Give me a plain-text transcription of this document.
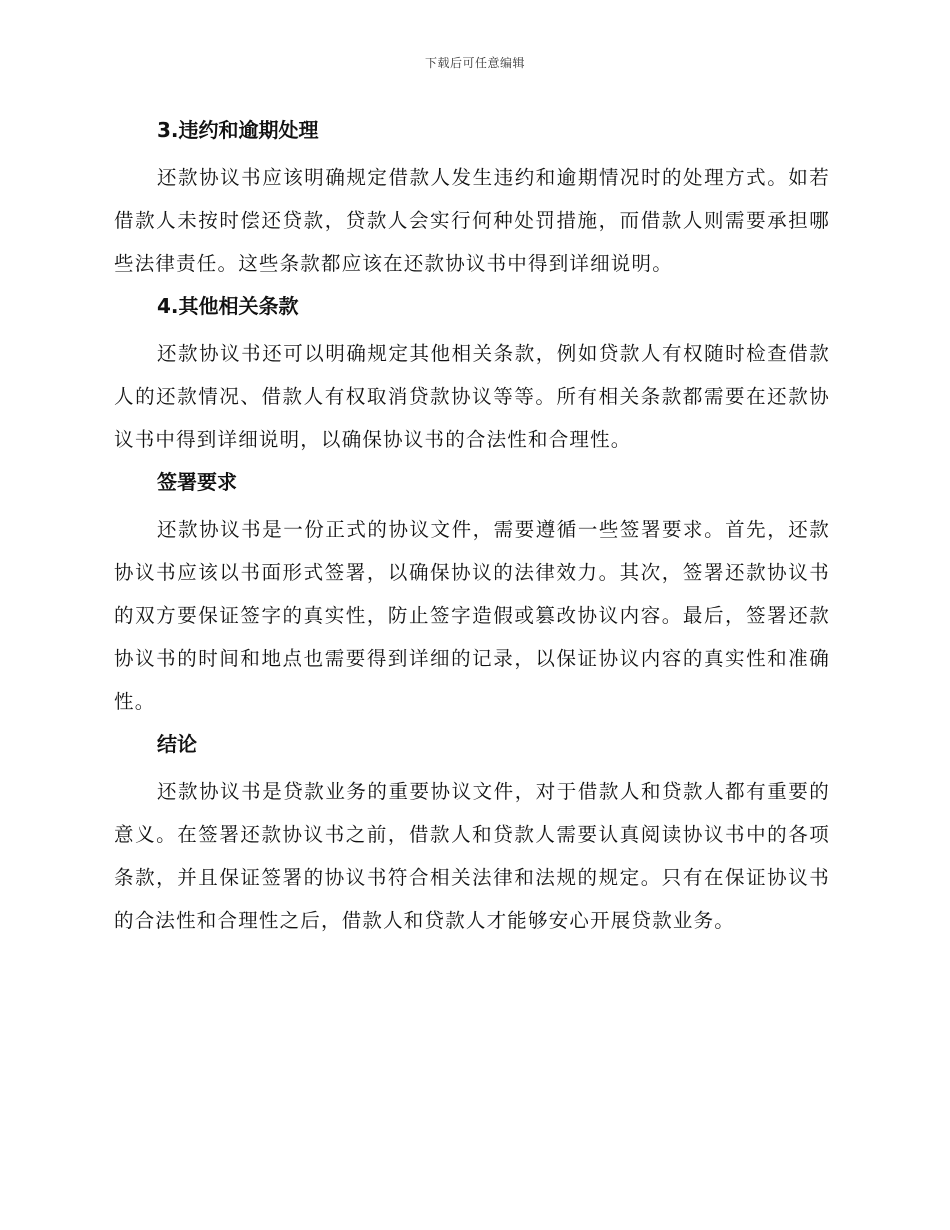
下载后可任意编辑
3.违约和逾期处理

还款协议书应该明确规定借款人发生违约和逾期情况时的处理方式。如若借款人未按时偿还贷款，贷款人会实行何种处罚措施，而借款人则需要承担哪些法律责任。这些条款都应该在还款协议书中得到详细说明。

4.其他相关条款

还款协议书还可以明确规定其他相关条款，例如贷款人有权随时检查借款人的还款情况、借款人有权取消贷款协议等等。所有相关条款都需要在还款协议书中得到详细说明，以确保协议书的合法性和合理性。

签署要求

还款协议书是一份正式的协议文件，需要遵循一些签署要求。首先，还款协议书应该以书面形式签署，以确保协议的法律效力。其次，签署还款协议书的双方要保证签字的真实性，防止签字造假或篡改协议内容。最后，签署还款协议书的时间和地点也需要得到详细的记录，以保证协议内容的真实性和准确性。

结论

还款协议书是贷款业务的重要协议文件，对于借款人和贷款人都有重要的意义。在签署还款协议书之前，借款人和贷款人需要认真阅读协议书中的各项条款，并且保证签署的协议书符合相关法律和法规的规定。只有在保证协议书的合法性和合理性之后，借款人和贷款人才能够安心开展贷款业务。
